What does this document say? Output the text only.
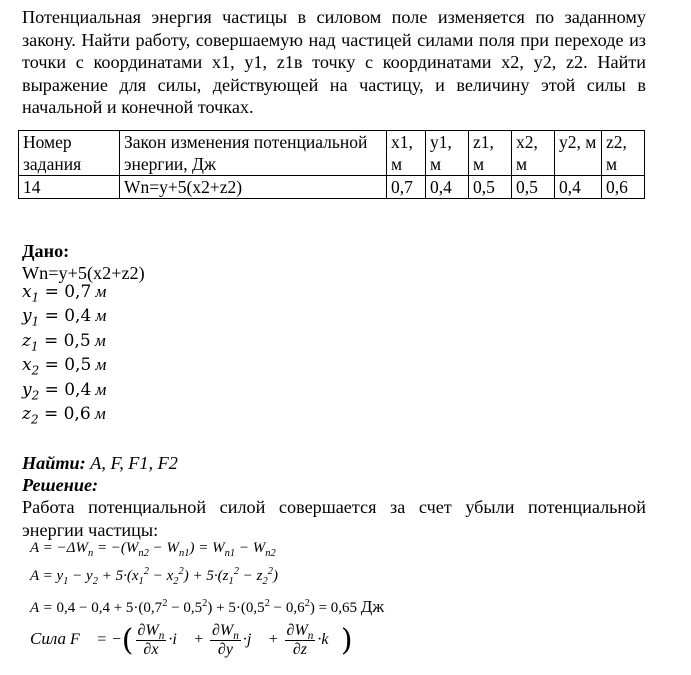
Потенциальная энергия частицы в силовом поле изменяется по заданному закону. Найти работу, совершаемую над частицей силами поля при переходе из точки с координатами x1, y1, z1в точку с координатами x2, y2, z2. Найти выражение для силы, действующей на частицу, и величину этой силы в начальной и конечной точках.
Номер задания	Закон изменения потенциальной энергии, Дж	x1, м	y1, м	z1, м	x2, м	y2, м	z2, м
14	Wn=y+5(x2+z2)	0,7	0,4	0,5	0,5	0,4	0,6
Дано:
Wn=y+5(x2+z2)
$x_1 = 0,7$ м
$y_1 = 0,4$ м
$z_1 = 0,5$ м
$x_2 = 0,5$ м
$y_2 = 0,4$ м
$z_2 = 0,6$ м
Найти: A, F, F1, F2
Решение:
Работа потенциальной силой совершается за счет убыли потенциальной энергии частицы:
$A = -\Delta W_n = -(W_{n2} - W_{n1}) = W_{n1} - W_{n2}$
$A = y_1 - y_2 + 5\cdot(x_1^2 - x_2^2) + 5\cdot(z_1^2 - z_2^2)$
$A = 0,4 - 0,4 + 5\cdot(0,7^2 - 0,5^2) + 5\cdot(0,5^2 - 0,6^2) = 0,65$ Дж
Сила F⃗ = −( $\frac{\partial W_n}{\partial x}$ ·i⃗ + $\frac{\partial W_n}{\partial y}$ ·j⃗ + $\frac{\partial W_n}{\partial z}$ ·k⃗)
